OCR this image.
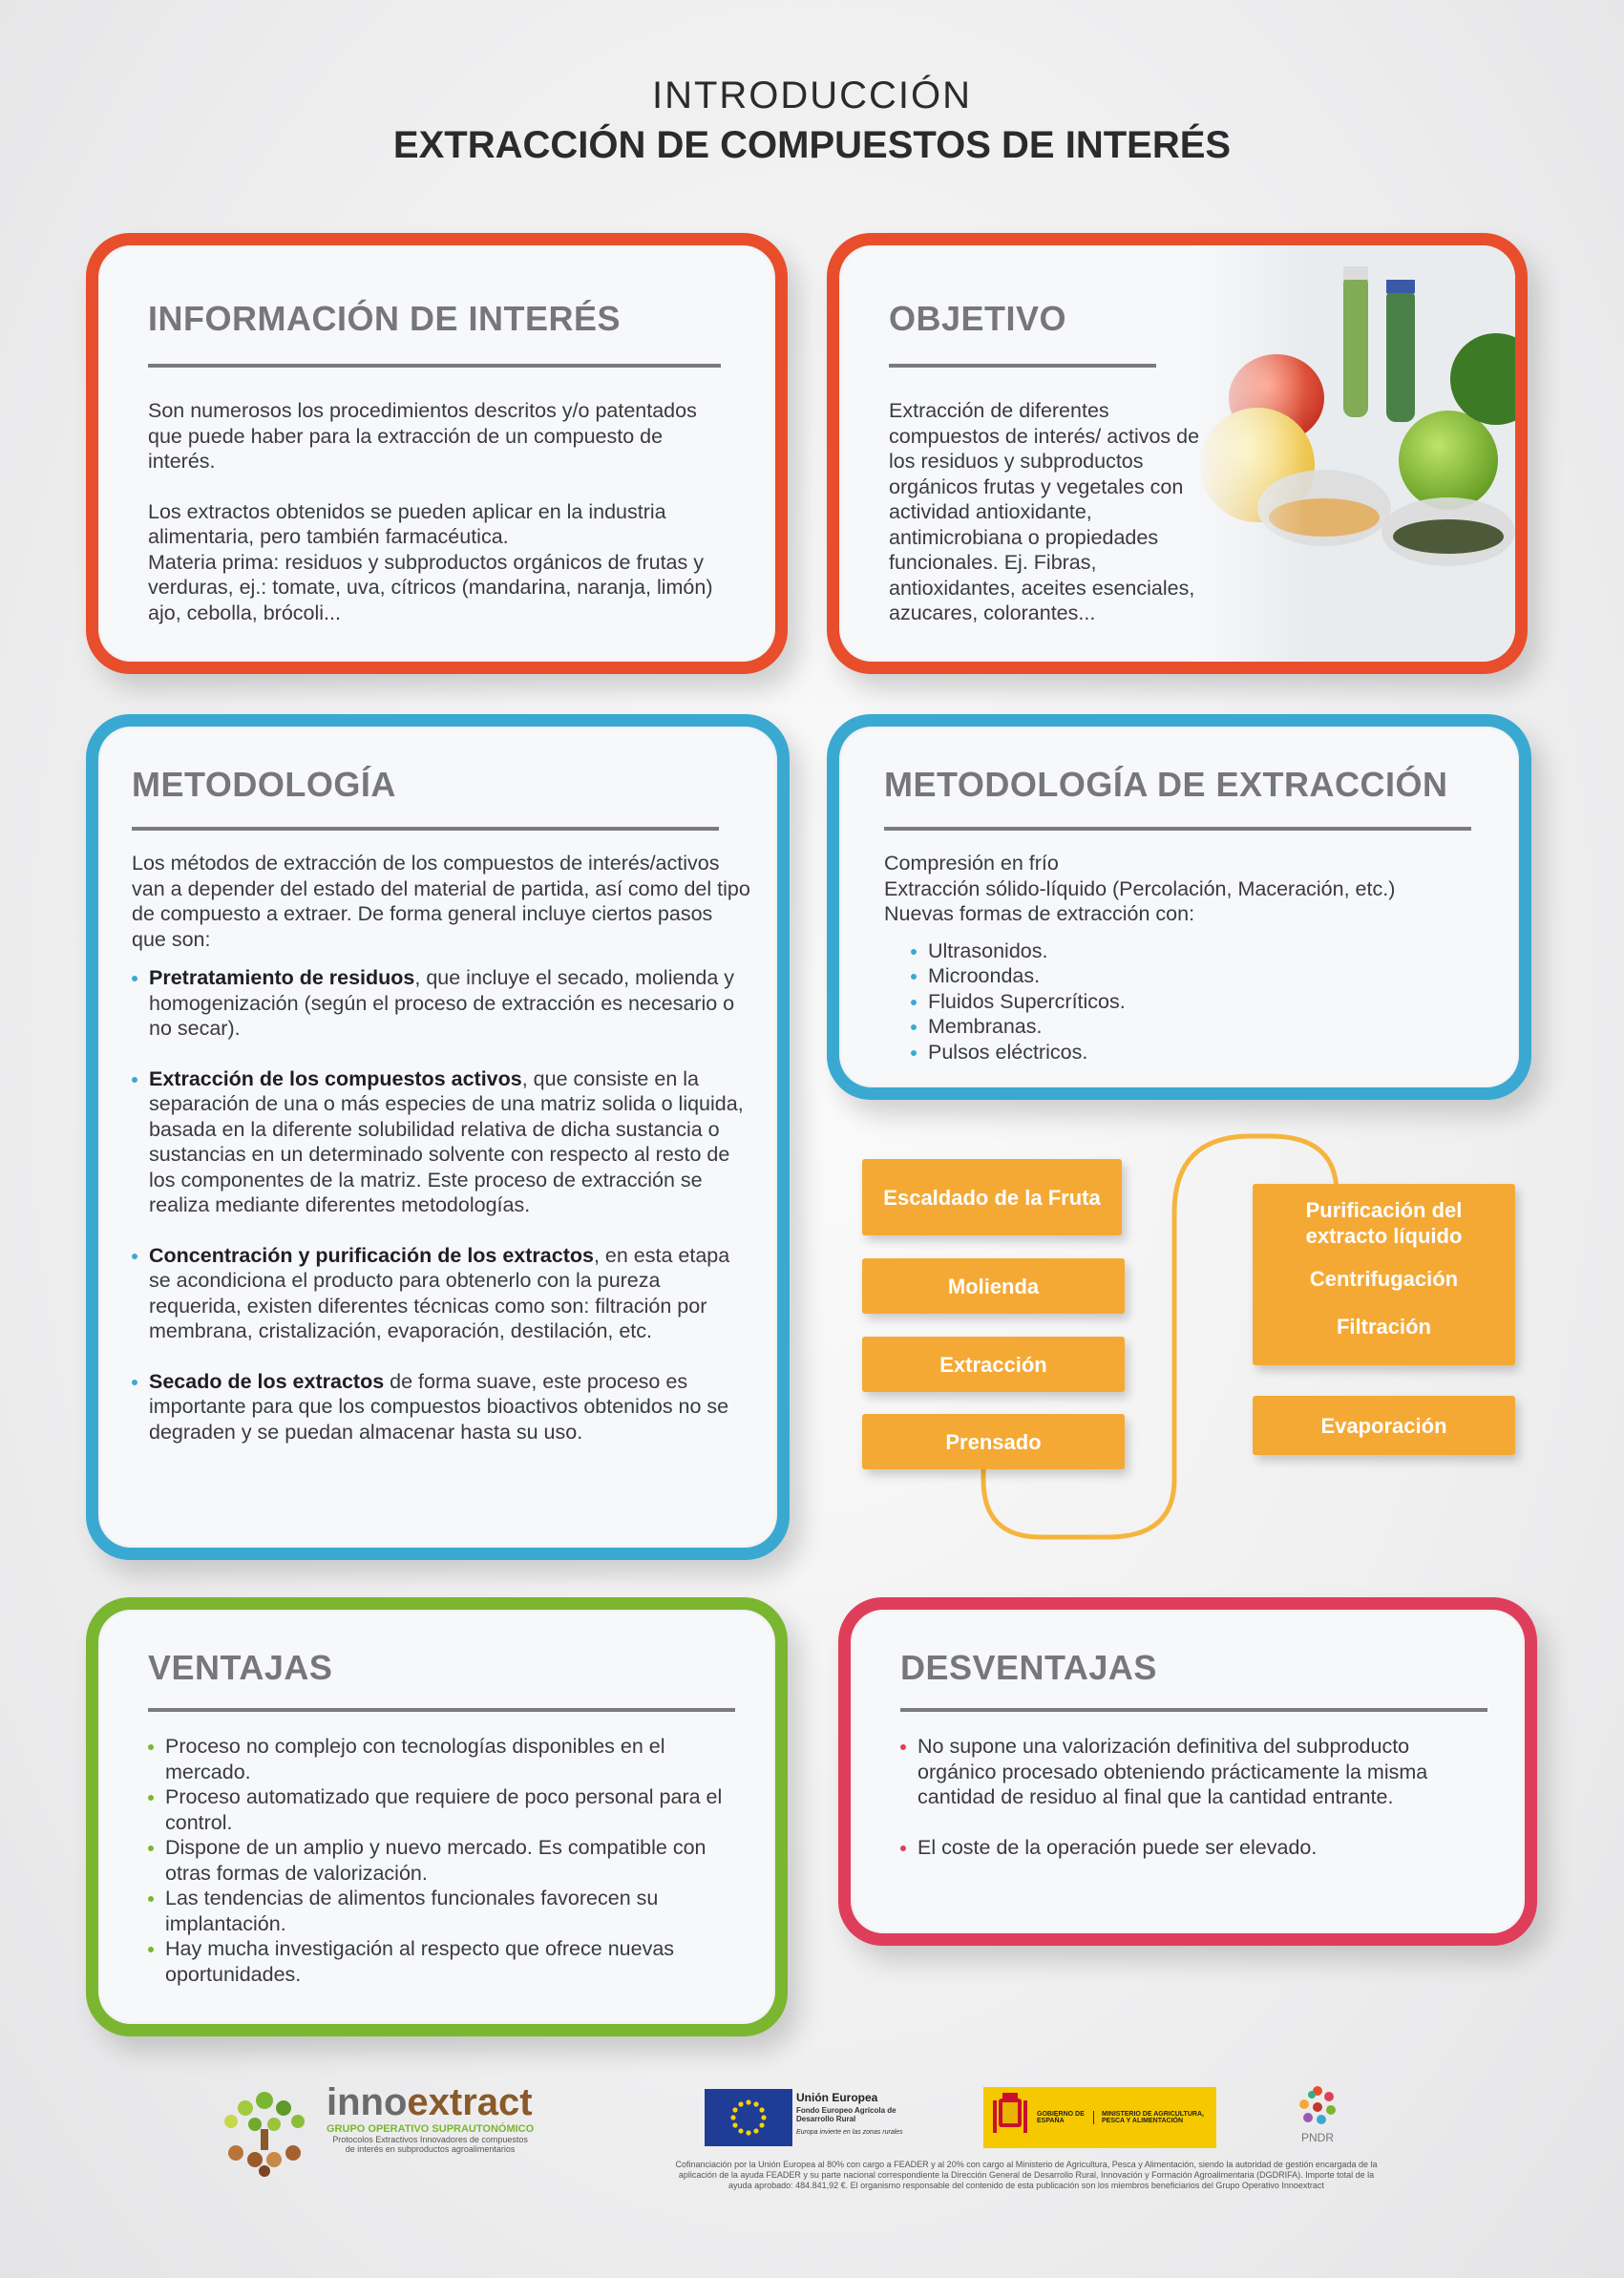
INTRODUCCIÓN
EXTRACCIÓN DE COMPUESTOS DE INTERÉS
INFORMACIÓN DE INTERÉS

Son numerosos los procedimientos descritos y/o patentados que puede haber para la extracción de un compuesto de interés.

Los extractos obtenidos se pueden aplicar en la industria alimentaria, pero también farmacéutica.

Materia prima: residuos y subproductos orgánicos de frutas y verduras, ej.: tomate, uva, cítricos (mandarina, naranja, limón) ajo, cebolla, brócoli...

OBJETIVO
Extracción de diferentes compuestos de interés/ activos de los residuos y subproductos orgánicos frutas y vegetales con actividad antioxidante, antimicrobiana o propiedades funcionales. Ej. Fibras, antioxidantes, aceites esenciales, azucares, colorantes...
METODOLOGÍA

Los métodos de extracción de los compuestos de interés/activos van a depender del estado del material de partida, así como del tipo de compuesto a extraer. De forma general incluye ciertos pasos que son:

Pretratamiento de residuos, que incluye el secado, molienda y homogenización (según el proceso de extracción es necesario o no secar).
Extracción de los compuestos activos, que consiste en la separación de una o más especies de una matriz solida o liquida, basada en la diferente solubilidad relativa de dicha sustancia o sustancias en un determinado solvente con respecto al resto de los componentes de la matriz. Este proceso de extracción se realiza mediante diferentes metodologías.
Concentración y purificación de los extractos, en esta etapa se acondiciona el producto para obtenerlo con la pureza requerida, existen diferentes técnicas como son: filtración por membrana, cristalización, evaporación, destilación, etc.
Secado de los extractos de forma suave, este proceso es importante para que los compuestos bioactivos obtenidos no se degraden y se puedan almacenar hasta su uso.
METODOLOGÍA DE EXTRACCIÓN
Compresión en frío
Extracción sólido-líquido (Percolación, Maceración, etc.)
Nuevas formas de extracción con:
Ultrasonidos.
Microondas.
Fluidos Supercríticos.
Membranas.
Pulsos eléctricos.
Escaldado de la Fruta
Molienda
Extracción
Prensado
Purificación del extracto líquido
Centrifugación
Filtración
Evaporación
VENTAJAS
Proceso no complejo con tecnologías disponibles en el mercado.
Proceso automatizado que requiere de poco personal para el control.
Dispone de un amplio y nuevo mercado. Es compatible con otras formas de valorización.
Las tendencias de alimentos funcionales favorecen su implantación.
Hay mucha investigación al respecto que ofrece nuevas oportunidades.
DESVENTAJAS
No supone una valorización definitiva del subproducto orgánico procesado obteniendo prácticamente la misma cantidad de residuo al final que la cantidad entrante.
El coste de la operación puede ser elevado.
innoextract
GRUPO OPERATIVO SUPRAUTONÓMICO
Protocolos Extractivos Innovadores de compuestos
de interés en subproductos agroalimentarios
Unión Europea
Fondo Europeo Agrícola de Desarrollo Rural
Europa invierte en las zonas rurales
GOBIERNO DE ESPAÑA
MINISTERIO DE AGRICULTURA, PESCA Y ALIMENTACIÓN
PNDR
Cofinanciación por la Unión Europea al 80% con cargo a FEADER y al 20% con cargo al Ministerio de Agricultura, Pesca y Alimentación, siendo la autoridad de gestión encargada de la aplicación de la ayuda FEADER y su parte nacional correspondiente la Dirección General de Desarrollo Rural, Innovación y Formación Agroalimentaria (DGDRIFA). Importe total de la ayuda aprobado: 484.841,92 €. El organismo responsable del contenido de esta publicación son los miembros beneficiarios del Grupo Operativo Innoextract
